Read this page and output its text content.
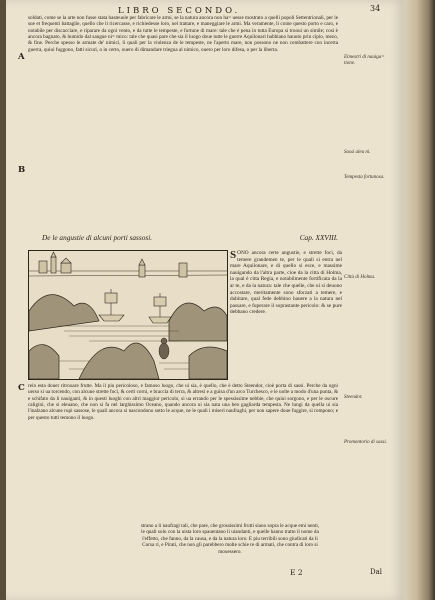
LIBRO SECONDO.	34
A
B
C
soldati, come se la arte non fusse stata basteuole per fabricare le armi, se la natura ancora non ha= uesse mostrato a quelli popoli Settentrionali, per le sue et frequenti battaglie, quello che li ricercasse, e richiedesse loro, nel trattare, e maneggiare le armi. Ma veramente, li come questo porto e caro, e notabile per discacciare, e riparare da ogni vento, e da tutte le tempeste, e fortune di mare: tale che è pena in tutta Europa si truoui un simile; cosi è ancora bagnato, & humido dal sangue ni= mico: tale che quasi pare che sia il luogo doue tutte le guerre Aquilonari habbiano hauuto prin cipio, mezo, & fine. Perche spesso le armate de' nimici, li quali per la violenza de le tempeste, ne l'aperto mare, non possono ne non combattere con incerta guerra, quiui fuggono, fatti sicuri, o in certo, ouero di dimandare triegua al nimico, ouero per loro difesa, o per la liberta.
Elmestri di nauiga= tione.
Sassi aleu ni.
Tempesta fortunosa.
Città di Holma.
Steendor.
Promontorio di sassi.
De le angustie di alcuni porti sassosi.	Cap. XXVIII.
SONO ancora certe angustie, e strette foci, da temere grandemen te, per le quali si entra nel mare Aquilonare, e di quello si esce, e massime nauigando da l'altra parte, cioe da la citta di Holma, la qual è citta Regia, e notabilmente fortificata da la ar te, e da la natura: tale che quelle, che ui si deuono accostare, meritamente sono sforzati a temere, e dubitare, qual fede debbino hauere a la natura nel passare, e fuperare il soprastante pericolo: & se pure debbano credere.
rein esta douer ritrouare frutte. Ma il piu pericoloso, e famoso luogo, che ui sia, è quello, che è detto Steendor, cioè porta di sassi. Perche da ogni uerso si ua torcendo, con alcune strette foci, & certi corni, e braccia di terra, & altresi e a guisa d'un arco Turchesco, e le uolte a modo d'una punta, & e schifato da li nauiganti, & in questi luoghi con altri maggior pericolo, si ua errando per le spessissime nebbie, che quiui sorgono, e per le oscure caligini, che si eleuano, che non si fa nel larghissimo Oceano, quando ancora ui sia nata una ben gagliarda tempesta. Ne lungi da quella ui sia l'inalzano alcune rupi sassose, le quali ancora si nascondono sotto le acque, ne le quali i miseri naufraghi, per non sapere doue fuggire, si rompono; e per questo tutti temono il luogo.
strano a li naufragi tali, che pare, che grossissimi frutti siano sopra le acque emi nenti, le quali solo con la uista loro spauentano li uiandanti, e quelle hanno tratto il nome da l'effetto, che fanno, da la causa, e da la natura loro. E piu terribili sono giudicati da li Corsa ri, e Pirati, che non gli parebbero molte schie re di armati, che contra di loro si mouessero.
E 2	Dal
